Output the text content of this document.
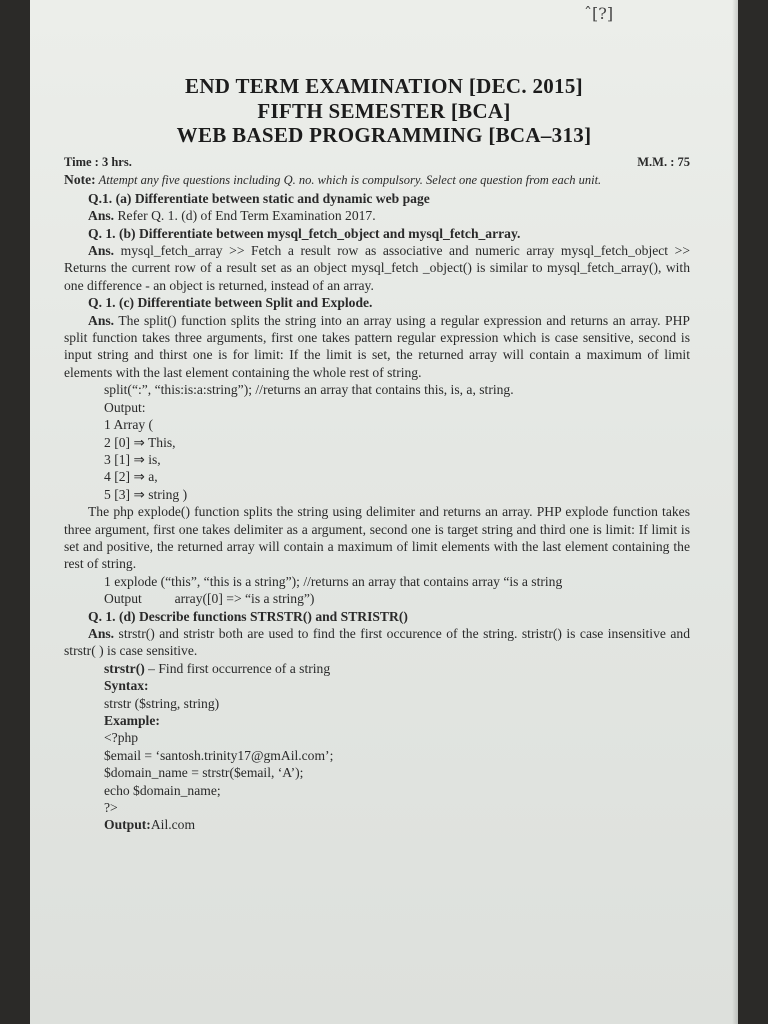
ˆ[?]
END TERM EXAMINATION [DEC. 2015]
FIFTH SEMESTER [BCA]
WEB BASED PROGRAMMING [BCA–313]
Time : 3 hrs.	M.M. : 75

Note: Attempt any five questions including Q. no. which is compulsory. Select one question from each unit.

Q.1. (a) Differentiate between static and dynamic web page

Ans. Refer Q. 1. (d) of End Term Examination 2017.

Q. 1. (b) Differentiate between mysql_fetch_object and mysql_fetch_array.

Ans. mysql_fetch_array >> Fetch a result row as associative and numeric array mysql_fetch_object >> Returns the current row of a result set as an object mysql_fetch _object() is similar to mysql_fetch_array(), with one difference - an object is returned, instead of an array.

Q. 1. (c) Differentiate between Split and Explode.

Ans. The split() function splits the string into an array using a regular expression and returns an array. PHP split function takes three arguments, first one takes pattern regular expression which is case sensitive, second is input string and thirst one is for limit: If the limit is set, the returned array will contain a maximum of limit elements with the last element containing the whole rest of string.

split(“:”, “this:is:a:string”); //returns an array that contains this, is, a, string.
Output:
1 Array (
2 [0] ⇒ This,
3 [1] ⇒ is,
4 [2] ⇒ a,
5 [3] ⇒ string )

The php explode() function splits the string using delimiter and returns an array. PHP explode function takes three argument, first one takes delimiter as a argument, second one is target string and third one is limit: If limit is set and positive, the returned array will contain a maximum of limit elements with the last element containing the rest of string.

1 explode (“this”, “this is a string”); //returns an array that contains array “is a string
Output array([0] => “is a string”)
Q. 1. (d) Describe functions STRSTR() and STRISTR()

Ans. strstr() and stristr both are used to find the first occurence of the string. stristr() is case insensitive and strstr( ) is case sensitive.

strstr() – Find first occurrence of a string
Syntax:
strstr ($string, string)
Example:
<?php
$email = ‘santosh.trinity17@gmAil.com’;
$domain_name = strstr($email, ‘A’);
echo $domain_name;
?>
Output:Ail.com
